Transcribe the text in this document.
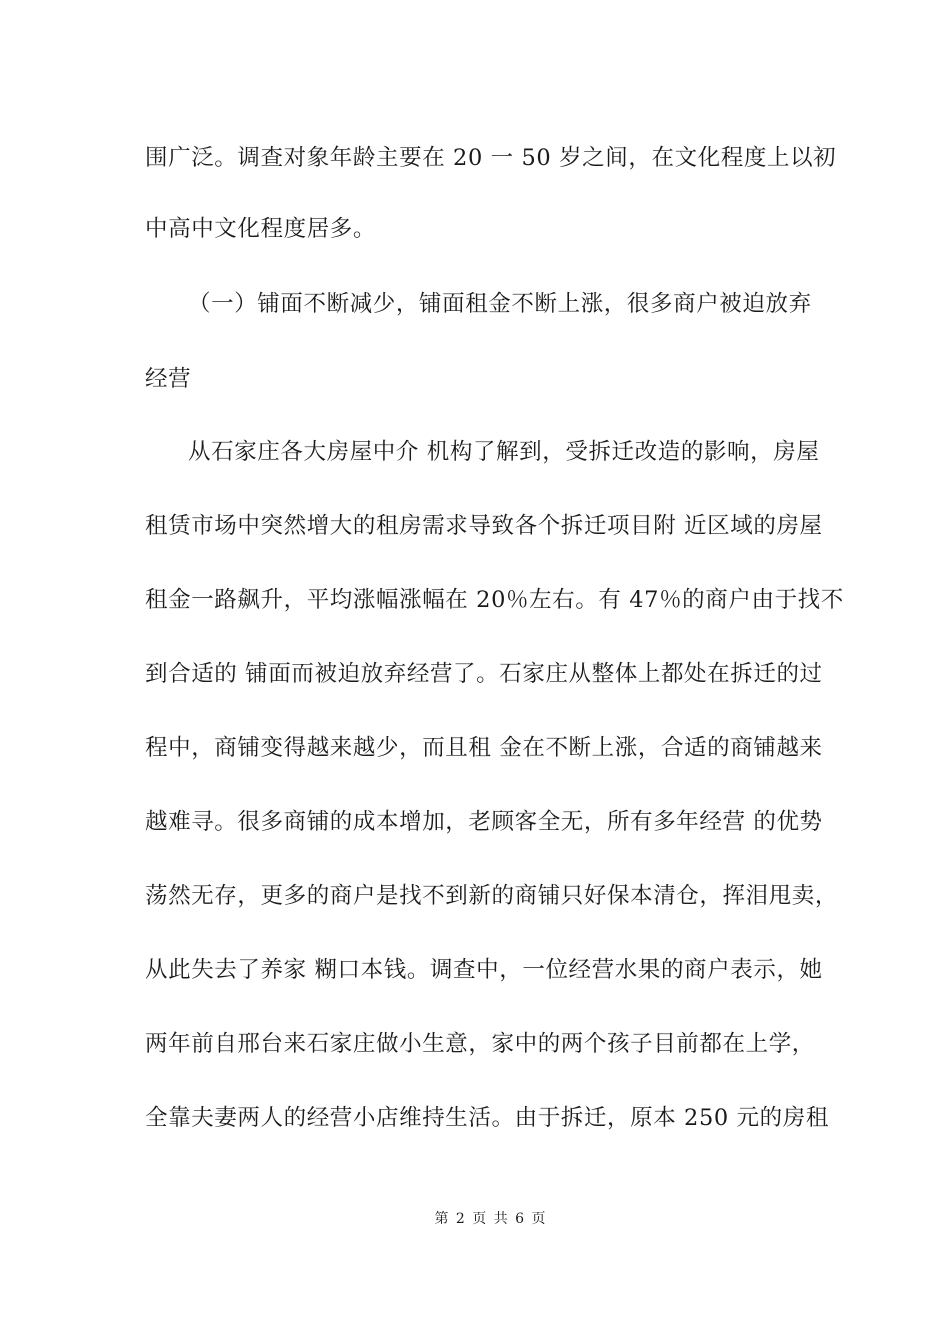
围广泛。调查对象年龄主要在 20 一 50 岁之间，在文化程度上以初
中高中文化程度居多。
（一）铺面不断减少，铺面租金不断上涨，很多商户被迫放弃
经营
从石家庄各大房屋中介 机构了解到，受拆迁改造的影响，房屋
租赁市场中突然增大的租房需求导致各个拆迁项目附 近区域的房屋
租金一路飙升，平均涨幅涨幅在 20％左右。有 47％的商户由于找不
到合适的 铺面而被迫放弃经营了。石家庄从整体上都处在拆迁的过
程中，商铺变得越来越少，而且租 金在不断上涨，合适的商铺越来
越难寻。很多商铺的成本增加，老顾客全无，所有多年经营 的优势
荡然无存，更多的商户是找不到新的商铺只好保本清仓，挥泪甩卖，
从此失去了养家 糊口本钱。调查中，一位经营水果的商户表示，她
两年前自邢台来石家庄做小生意，家中的两个孩子目前都在上学，
全靠夫妻两人的经营小店维持生活。由于拆迁，原本 250 元的房租
第 2 页 共 6 页
